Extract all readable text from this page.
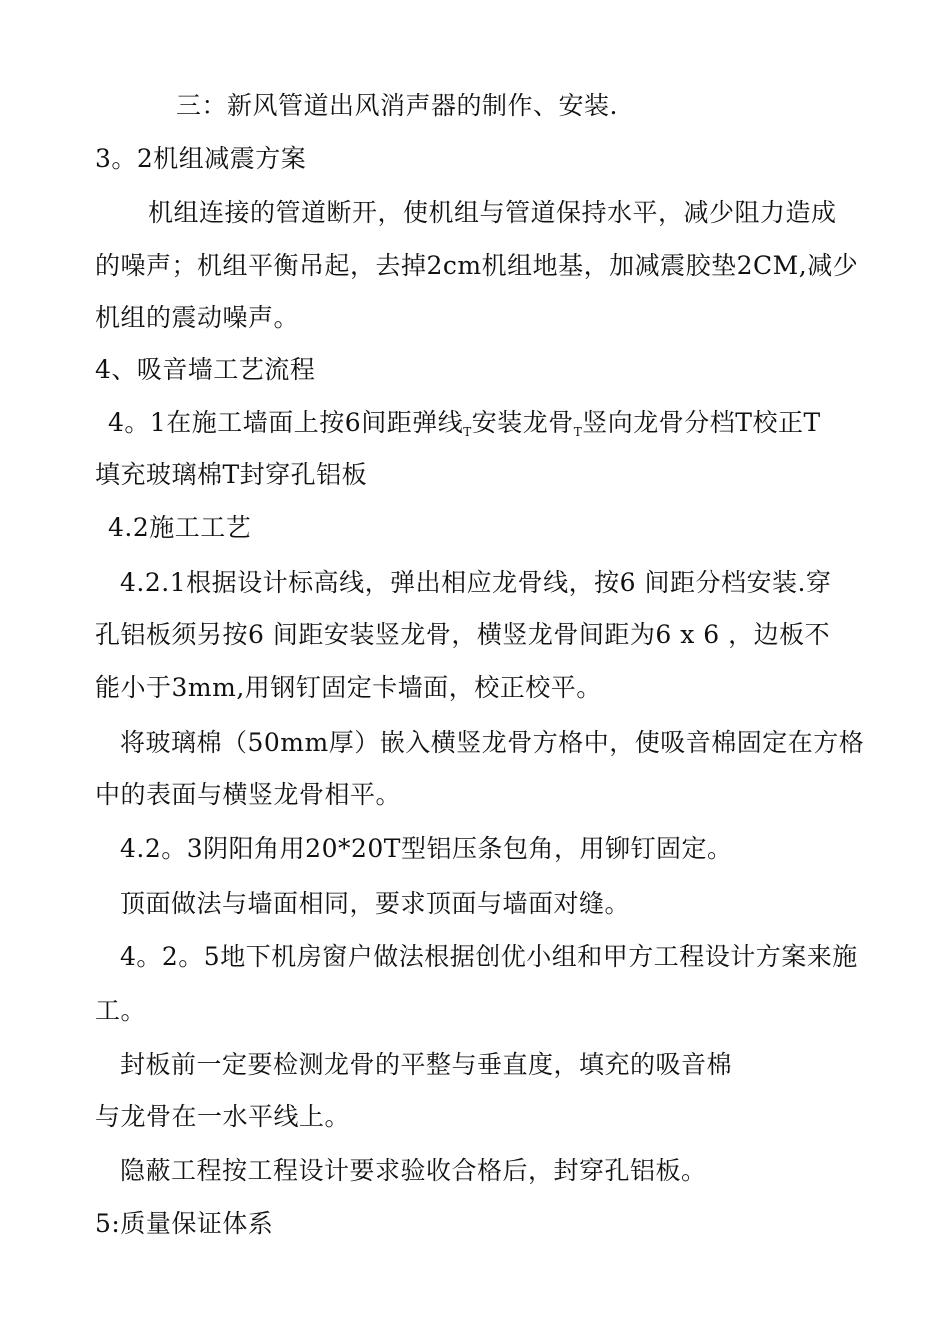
三：新风管道出风消声器的制作、安装.
3。2机组减震方案
机组连接的管道断开，使机组与管道保持水平，减少阻力造成
的噪声；机组平衡吊起，去掉2cm机组地基，加减震胶垫2CM,减少
机组的震动噪声。
4、吸音墙工艺流程
4。1在施工墙面上按6间距弹线$_T$安装龙骨$_T$竖向龙骨分档T校正T
填充玻璃棉T封穿孔铝板
4.2施工工艺
4.2.1根据设计标高线，弹出相应龙骨线，按6 间距分档安装.穿
孔铝板须另按6 间距安装竖龙骨，横竖龙骨间距为6 x 6 ，边板不
能小于3mm,用钢钉固定卡墙面，校正校平。
将玻璃棉（50mm厚）嵌入横竖龙骨方格中，使吸音棉固定在方格
中的表面与横竖龙骨相平。
4.2。3阴阳角用20*20T型铝压条包角，用铆钉固定。
顶面做法与墙面相同，要求顶面与墙面对缝。
4。2。5地下机房窗户做法根据创优小组和甲方工程设计方案来施
工。
封板前一定要检测龙骨的平整与垂直度，填充的吸音棉
与龙骨在一水平线上。
隐蔽工程按工程设计要求验收合格后，封穿孔铝板。
5:质量保证体系
